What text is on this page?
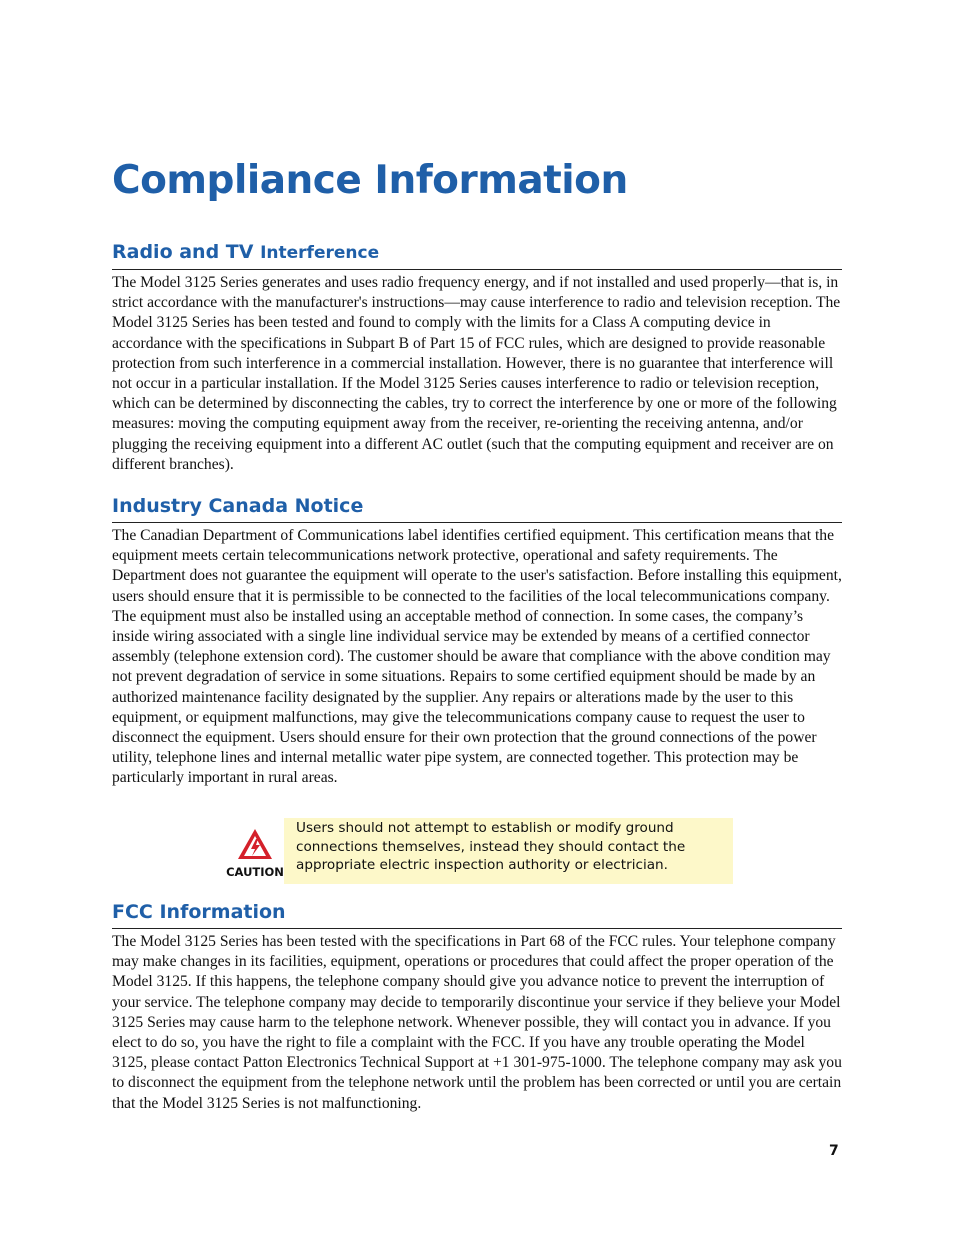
Compliance Information
Radio and TV Interference

The Model 3125 Series generates and uses radio frequency energy, and if not installed and used properly—that is, in strict accordance with the manufacturer's instructions—may cause interference to radio and television reception. The Model 3125 Series has been tested and found to comply with the limits for a Class A computing device in accordance with the specifications in Subpart B of Part 15 of FCC rules, which are designed to provide reasonable protection from such interference in a commercial installation. However, there is no guarantee that interference will not occur in a particular installation. If the Model 3125 Series causes interference to radio or television reception, which can be determined by disconnecting the cables, try to correct the interference by one or more of the following measures: moving the computing equipment away from the receiver, re-orienting the receiving antenna, and/or plugging the receiving equipment into a different AC outlet (such that the computing equipment and receiver are on different branches).

Industry Canada Notice

The Canadian Department of Communications label identifies certified equipment. This certification means that the equipment meets certain telecommunications network protective, operational and safety requirements. The Department does not guarantee the equipment will operate to the user's satisfaction. Before installing this equipment, users should ensure that it is permissible to be connected to the facilities of the local telecommunications company. The equipment must also be installed using an acceptable method of connection. In some cases, the company’s inside wiring associated with a single line individual service may be extended by means of a certified connector assembly (telephone extension cord). The customer should be aware that compliance with the above condition may not prevent degradation of service in some situations. Repairs to some certified equipment should be made by an authorized maintenance facility designated by the supplier. Any repairs or alterations made by the user to this equipment, or equipment malfunctions, may give the telecommunications company cause to request the user to disconnect the equipment. Users should ensure for their own protection that the ground connections of the power utility, telephone lines and internal metallic water pipe system, are connected together. This protection may be particularly important in rural areas.

FCC Information

The Model 3125 Series has been tested with the specifications in Part 68 of the FCC rules. Your telephone company may make changes in its facilities, equipment, operations or procedures that could affect the proper operation of the Model 3125. If this happens, the telephone company should give you advance notice to prevent the interruption of your service. The telephone company may decide to temporarily discontinue your service if they believe your Model 3125 Series may cause harm to the telephone network. Whenever possible, they will contact you in advance. If you elect to do so, you have the right to file a complaint with the FCC. If you have any trouble operating the Model 3125, please contact Patton Electronics Technical Support at +1 301-975-1000. The telephone company may ask you to disconnect the equipment from the telephone network until the problem has been corrected or until you are certain that the Model 3125 Series is not malfunctioning.

7
CAUTION
Users should not attempt to establish or modify ground connections themselves, instead they should contact the appropriate electric inspection authority or electrician.
